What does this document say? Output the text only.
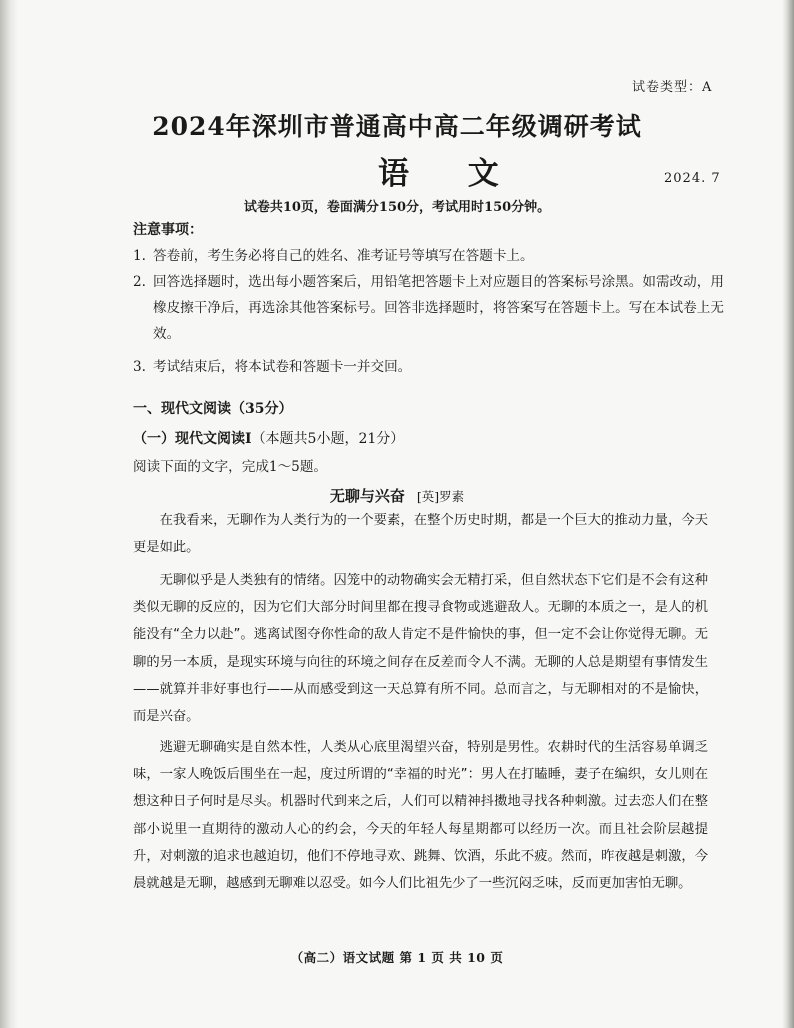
试卷类型：A
2024年深圳市普通高中高二年级调研考试
语 文	2024. 7
试卷共10页，卷面满分150分，考试用时150分钟。
注意事项：
1. 答卷前，考生务必将自己的姓名、准考证号等填写在答题卡上。
2. 回答选择题时，选出每小题答案后，用铅笔把答题卡上对应题目的答案标号涂黑。如需改动，用橡皮擦干净后，再选涂其他答案标号。回答非选择题时，将答案写在答题卡上。写在本试卷上无效。
3. 考试结束后，将本试卷和答题卡一并交回。
一、现代文阅读（35分）
（一）现代文阅读Ⅰ（本题共5小题，21分）
阅读下面的文字，完成1～5题。
无聊与兴奋 [英]罗素

在我看来，无聊作为人类行为的一个要素，在整个历史时期，都是一个巨大的推动力量，今天更是如此。

无聊似乎是人类独有的情绪。囚笼中的动物确实会无精打采，但自然状态下它们是不会有这种类似无聊的反应的，因为它们大部分时间里都在搜寻食物或逃避敌人。无聊的本质之一，是人的机能没有“全力以赴”。逃离试图夺你性命的敌人肯定不是件愉快的事，但一定不会让你觉得无聊。无聊的另一本质，是现实环境与向往的环境之间存在反差而令人不满。无聊的人总是期望有事情发生——就算并非好事也行——从而感受到这一天总算有所不同。总而言之，与无聊相对的不是愉快，而是兴奋。

逃避无聊确实是自然本性，人类从心底里渴望兴奋，特别是男性。农耕时代的生活容易单调乏味，一家人晚饭后围坐在一起，度过所谓的“幸福的时光”：男人在打瞌睡，妻子在编织，女儿则在想这种日子何时是尽头。机器时代到来之后，人们可以精神抖擞地寻找各种刺激。过去恋人们在整部小说里一直期待的激动人心的约会，今天的年轻人每星期都可以经历一次。而且社会阶层越提升，对刺激的追求也越迫切，他们不停地寻欢、跳舞、饮酒，乐此不疲。然而，昨夜越是刺激，今晨就越是无聊，越感到无聊难以忍受。如今人们比祖先少了一些沉闷乏味，反而更加害怕无聊。

（高二）语文试题 第 1 页 共 10 页
